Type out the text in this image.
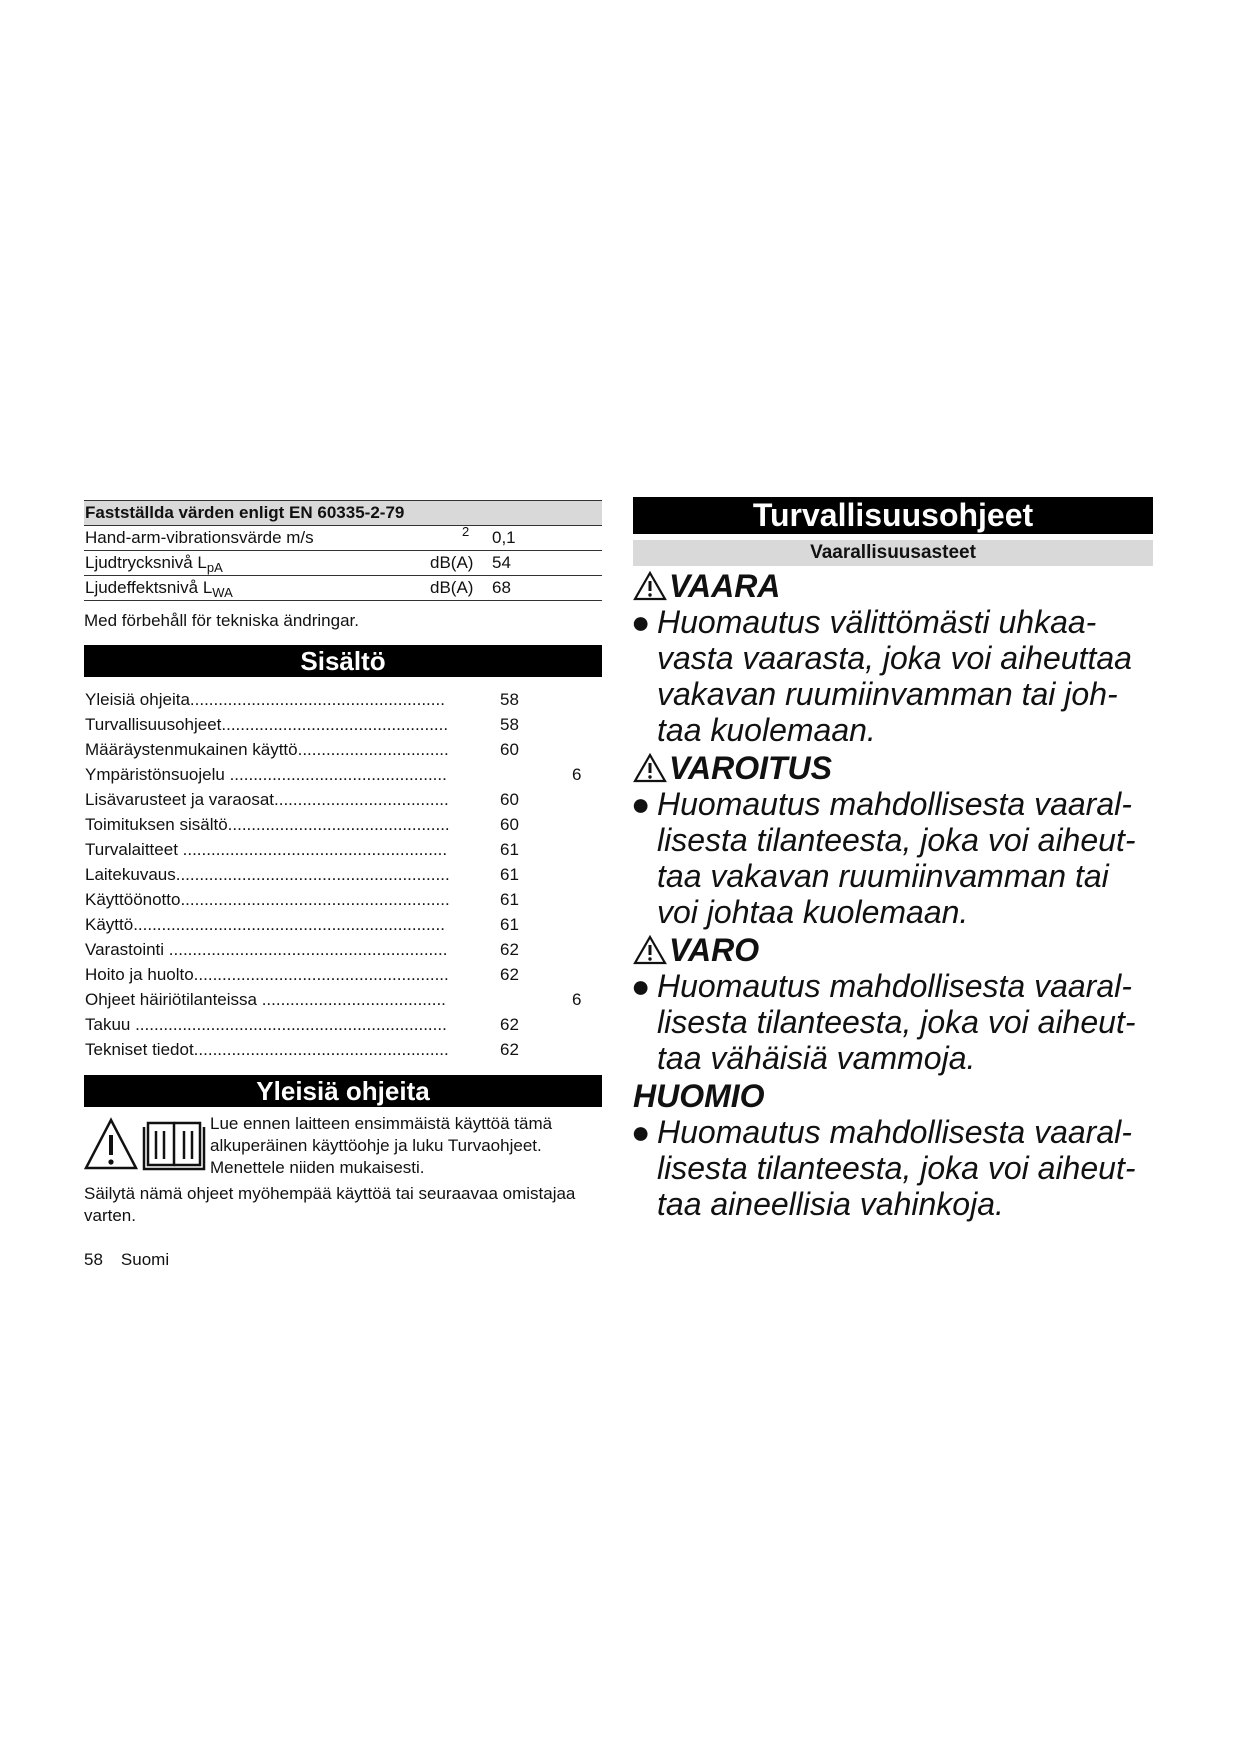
Fastställda värden enligt EN 60335-2-79
Hand-arm-vibrationsvärde m/s	2 0,1
Ljudtrycksnivå $L_{pA}$	dB(A) 54
Ljudeffektsnivå $L_{WA}$	dB(A) 68
Med förbehåll för tekniska ändringar.
Sisältö
Yleisiä ohjeita......................................................	58
Turvallisuusohjeet................................................	58
Määräystenmukainen käyttö................................	60
Ympäristönsuojelu ..............................................	6
Lisävarusteet ja varaosat.....................................	60
Toimituksen sisältö...............................................	60
Turvalaitteet ........................................................	61
Laitekuvaus..........................................................	61
Käyttöönotto.........................................................	61
Käyttö..................................................................	61
Varastointi ...........................................................	62
Hoito ja huolto......................................................	62
Ohjeet häiriötilanteissa .......................................	6
Takuu ..................................................................	62
Tekniset tiedot......................................................	62
Yleisiä ohjeita
Lue ennen laitteen ensimmäistä käyttöä tämä alkuperäinen käyttöohje ja luku Turvaohjeet. Menettele niiden mukaisesti.
Säilytä nämä ohjeet myöhempää käyttöä tai seuraavaa omistajaa varten.
58 Suomi
Turvallisuusohjeet
Vaarallisuusasteet
VAARA
● Huomautus välittömästi uhkaa-
vasta vaarasta, joka voi aiheuttaa
vakavan ruumiinvamman tai joh-
taa kuolemaan.
VAROITUS
● Huomautus mahdollisesta vaaral-
lisesta tilanteesta, joka voi aiheut-
taa vakavan ruumiinvamman tai
voi johtaa kuolemaan.
VARO
● Huomautus mahdollisesta vaaral-
lisesta tilanteesta, joka voi aiheut-
taa vähäisiä vammoja.
HUOMIO
● Huomautus mahdollisesta vaaral-
lisesta tilanteesta, joka voi aiheut-
taa aineellisia vahinkoja.
